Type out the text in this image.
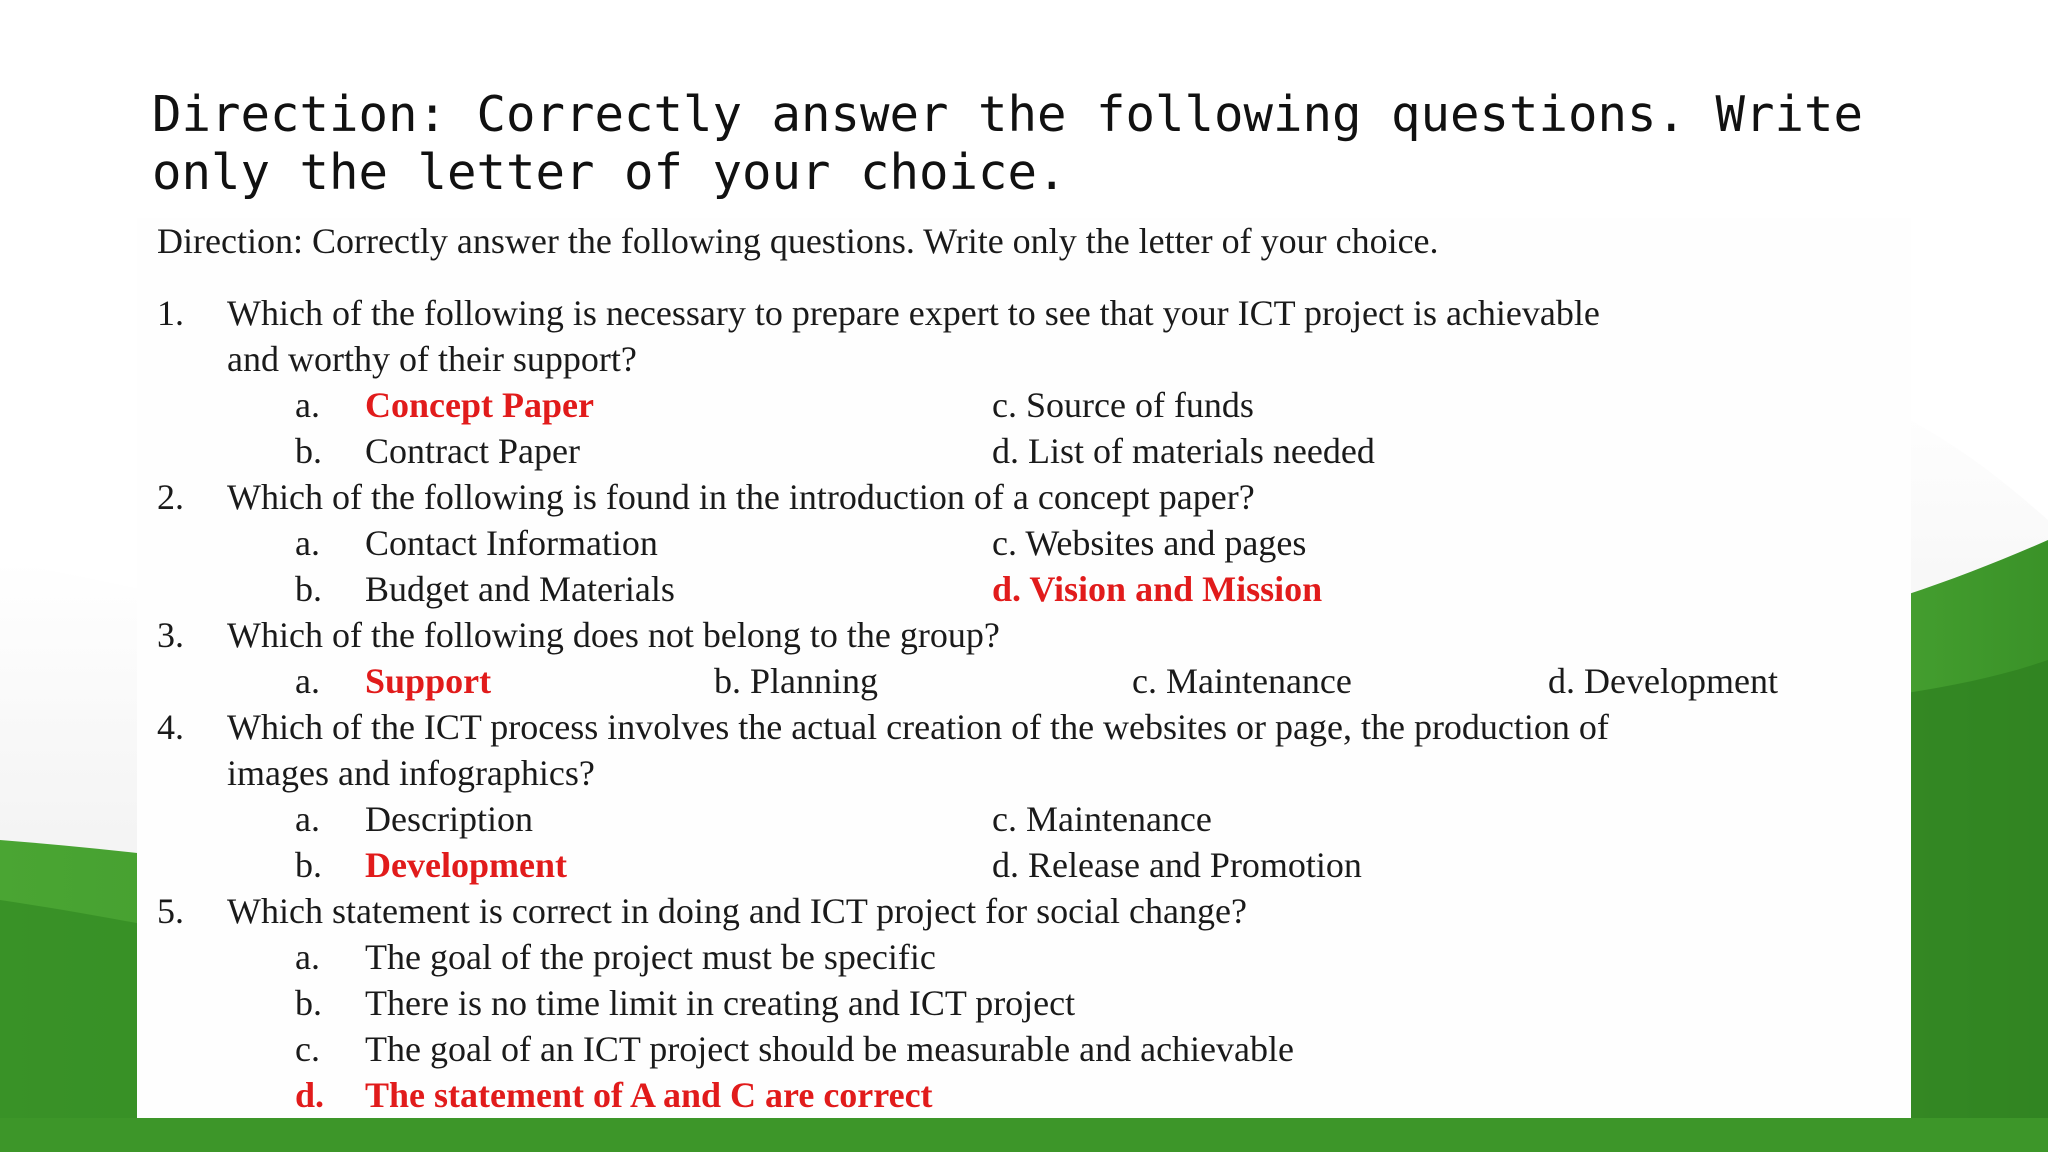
Direction: Correctly answer the following questions. Write only the letter of your choice.
Direction: Correctly answer the following questions. Write only the letter of your choice.
1. Which of the following is necessary to prepare expert to see that your ICT project is achievable
and worthy of their support?
a. Concept Paper	c. Source of funds
b. Contract Paper	d. List of materials needed
2. Which of the following is found in the introduction of a concept paper?
a. Contact Information	c. Websites and pages
b. Budget and Materials	d. Vision and Mission
3. Which of the following does not belong to the group?
a. Support	b. Planning	c. Maintenance	d. Development
4. Which of the ICT process involves the actual creation of the websites or page, the production of
images and infographics?
a. Description	c. Maintenance
b. Development	d. Release and Promotion
5. Which statement is correct in doing and ICT project for social change?
a. The goal of the project must be specific
b. There is no time limit in creating and ICT project
c. The goal of an ICT project should be measurable and achievable
d. The statement of A and C are correct
